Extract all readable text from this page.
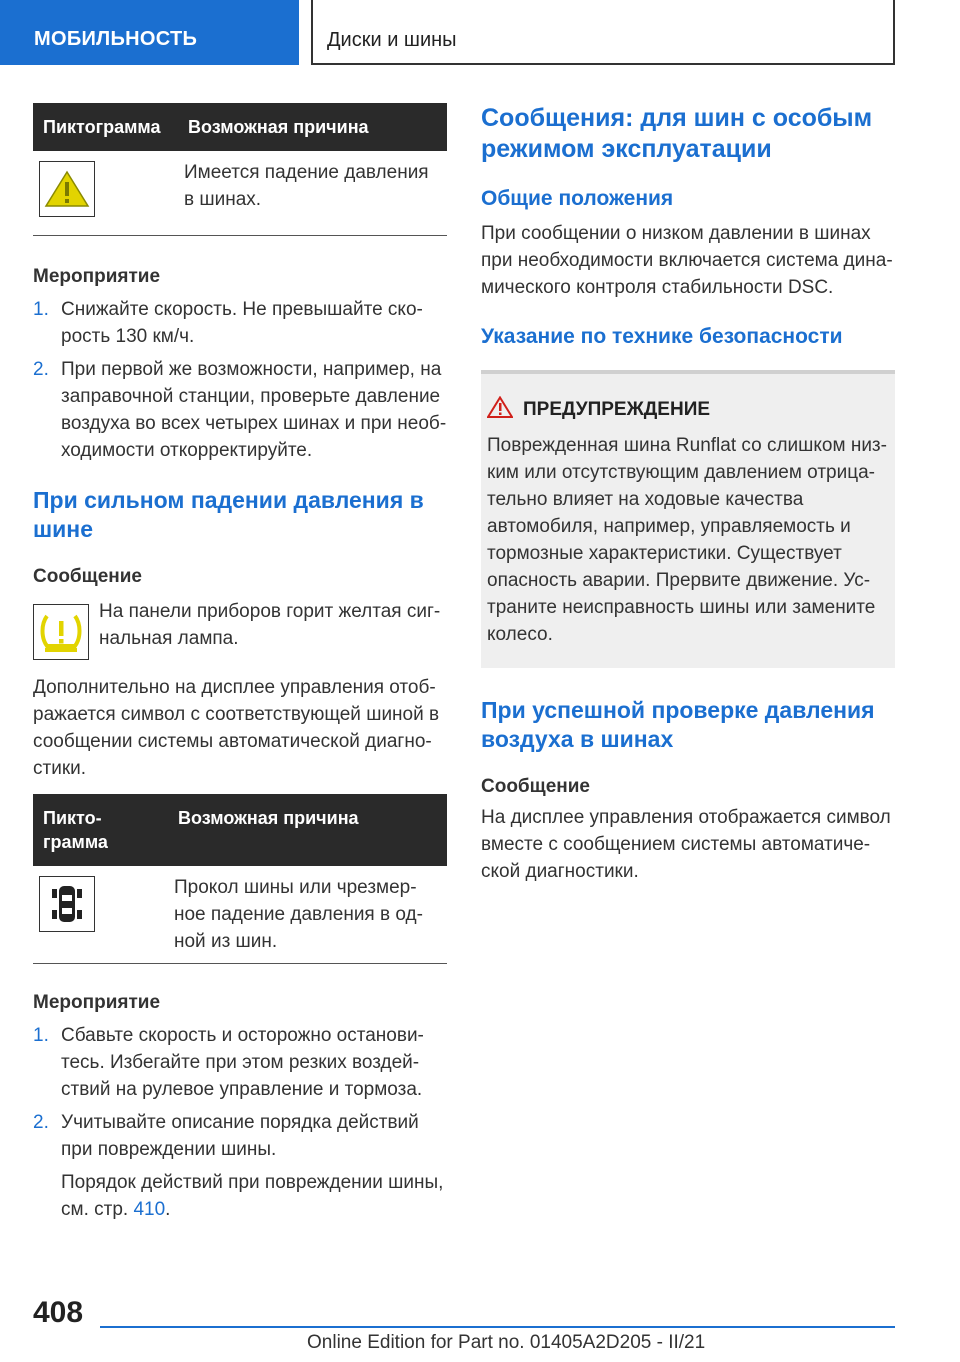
МОБИЛЬНОСТЬ	Диски и шины
Пиктограмма	Возможная причина

	Имеется падение давления в шинах.

Мероприятие

1. Снижайте скорость. Не превышайте ско-рость 130 км/ч.
2. При первой же возможности, например, на заправочной станции, проверьте давление воздуха во всех четырех шинах и при необ-ходимости откорректируйте.

При сильном падении давления в шине

Сообщение

На панели приборов горит желтая сиг-нальная лампа.

Дополнительно на дисплее управления отоб-ражается символ с соответствующей шиной в сообщении системы автоматической диагно-стики.

Пикто-грамма	Возможная причина

	Прокол шины или чрезмер-ное падение давления в од-ной из шин.

Мероприятие

1. Сбавьте скорость и осторожно останови-тесь. Избегайте при этом резких воздей-ствий на рулевое управление и тормоза.
2. Учитывайте описание порядка действий при повреждении шины.
Порядок действий при повреждении шины, см. стр. 410.

Сообщения: для шин с особым режимом эксплуатации

Общие положения

При сообщении о низком давлении в шинах при необходимости включается система дина-мического контроля стабильности DSC.

Указание по технике безопасности

ПРЕДУПРЕЖДЕНИЕ

Поврежденная шина Runflat со слишком низ-ким или отсутствующим давлением отрица-тельно влияет на ходовые качества автомобиля, например, управляемость и тормозные характеристики. Существует опасность аварии. Прервите движение. Ус-траните неисправность шины или замените колесо.

При успешной проверке давления воздуха в шинах

Сообщение

На дисплее управления отображается символ вместе с сообщением системы автоматиче-ской диагностики.

408
Online Edition for Part no. 01405A2D205 - II/21
